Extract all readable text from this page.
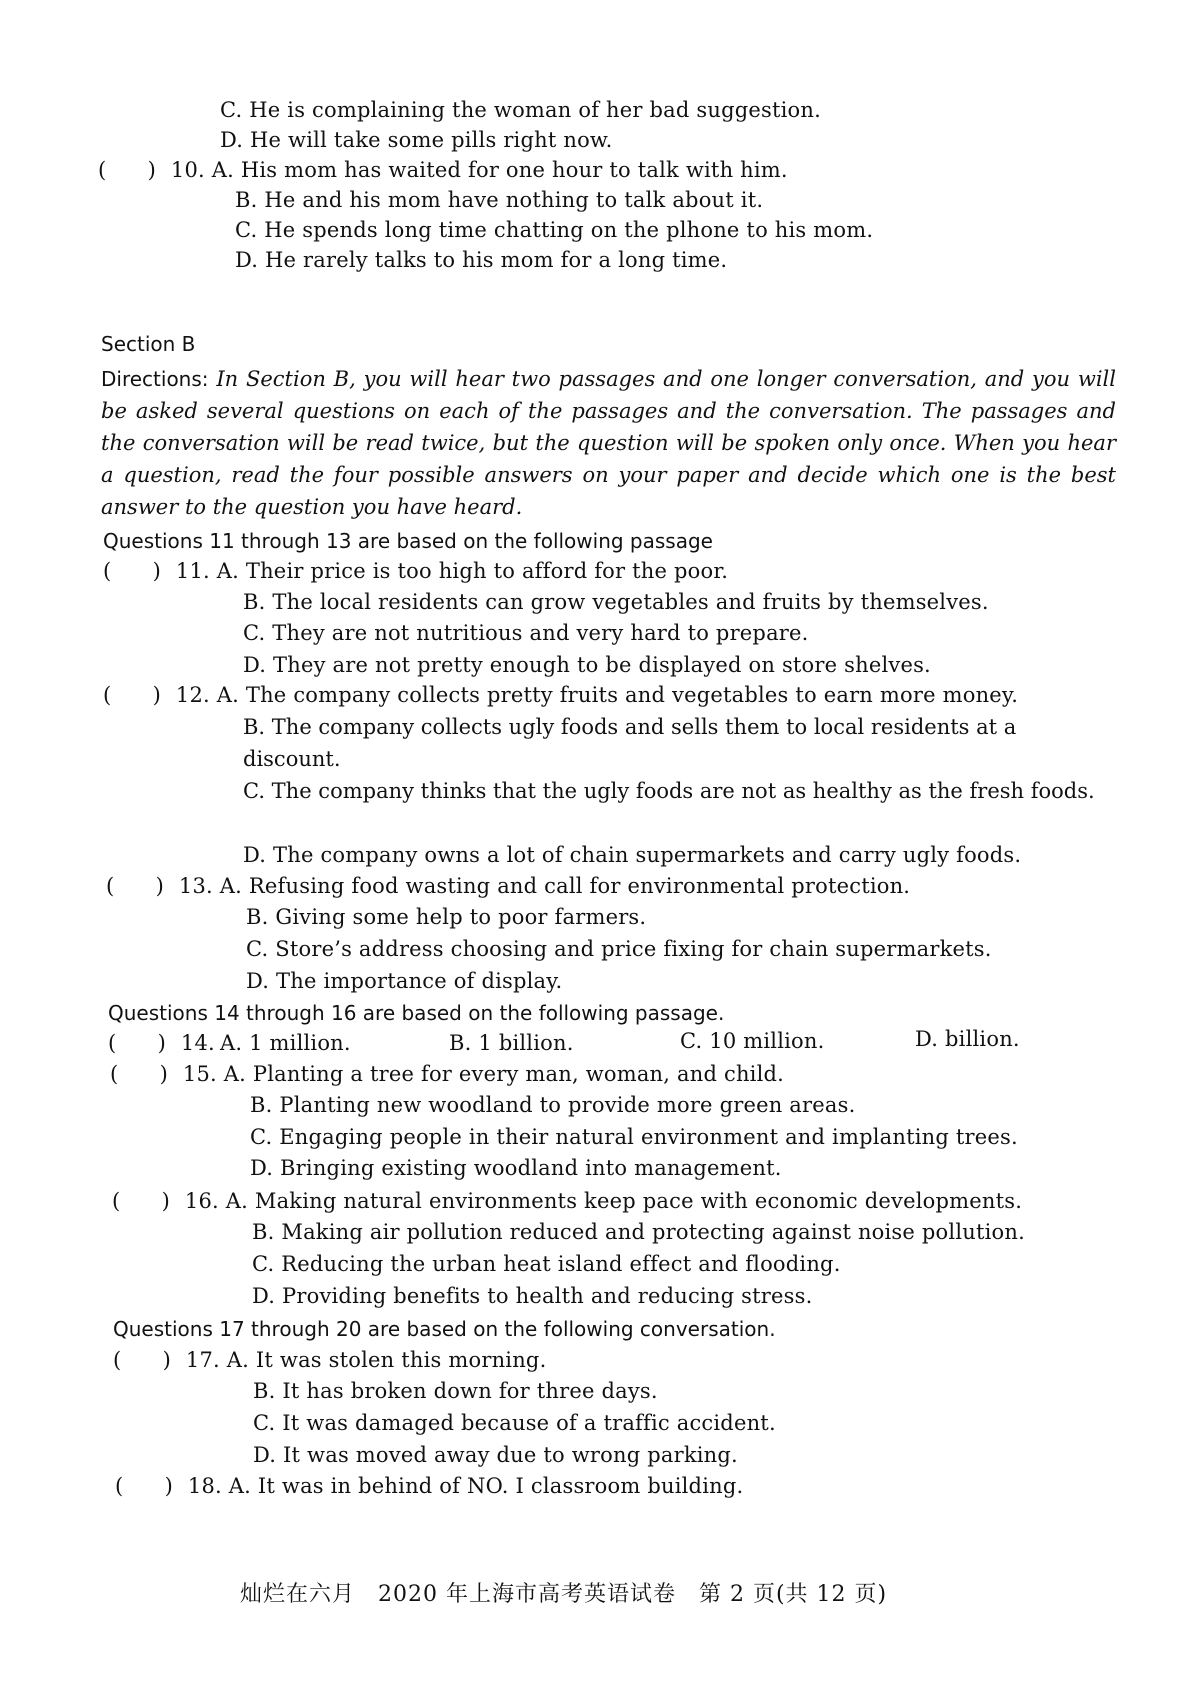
C. He is complaining the woman of her bad suggestion.
D. He will take some pills right now.
( ) 10. A. His mom has waited for one hour to talk with him.
B. He and his mom have nothing to talk about it.
C. He spends long time chatting on the plhone to his mom.
D. He rarely talks to his mom for a long time.
Section B
Directions: In Section B, you will hear two passages and one longer conversation, and you will be asked several questions on each of the passages and the conversation. The passages and the conversation will be read twice, but the question will be spoken only once. When you hear a question, read the four possible answers on your paper and decide which one is the best answer to the question you have heard.
Questions 11 through 13 are based on the following passage
( ) 11. A. Their price is too high to afford for the poor.
B. The local residents can grow vegetables and fruits by themselves.
C. They are not nutritious and very hard to prepare.
D. They are not pretty enough to be displayed on store shelves.
( ) 12. A. The company collects pretty fruits and vegetables to earn more money.
B. The company collects ugly foods and sells them to local residents at a discount.
C. The company thinks that the ugly foods are not as healthy as the fresh foods.
D. The company owns a lot of chain supermarkets and carry ugly foods.
( ) 13. A. Refusing food wasting and call for environmental protection.
B. Giving some help to poor farmers.
C. Store’s address choosing and price fixing for chain supermarkets.
D. The importance of display.
Questions 14 through 16 are based on the following passage.
( ) 14. A. 1 million.	B. 1 billion.	C. 10 million.	D. billion.
( ) 15. A. Planting a tree for every man, woman, and child.
B. Planting new woodland to provide more green areas.
C. Engaging people in their natural environment and implanting trees.
D. Bringing existing woodland into management.
( ) 16. A. Making natural environments keep pace with economic developments.
B. Making air pollution reduced and protecting against noise pollution.
C. Reducing the urban heat island effect and flooding.
D. Providing benefits to health and reducing stress.
Questions 17 through 20 are based on the following conversation.
( ) 17. A. It was stolen this morning.
B. It has broken down for three days.
C. It was damaged because of a traffic accident.
D. It was moved away due to wrong parking.
( ) 18. A. It was in behind of NO. I classroom building.
灿烂在六月　2020 年上海市高考英语试卷　第 2 页(共 12 页)
